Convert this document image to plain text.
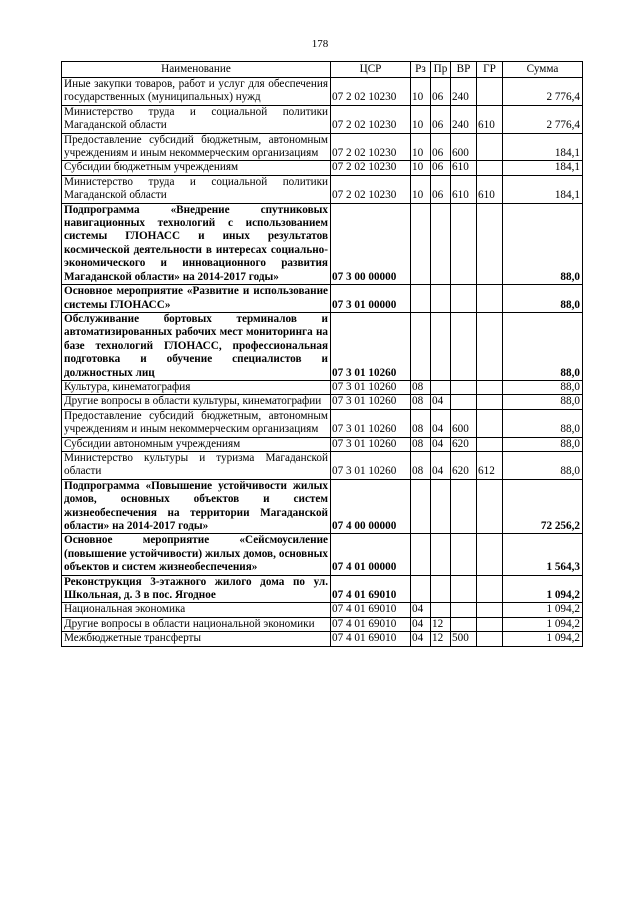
178
Наименование	ЦСР	Рз	Пр	ВР	ГР	Сумма
Иные закупки товаров, работ и услуг для обеспечения государственных (муниципальных) нужд	07 2 02 10230	10	06	240		2 776,4
Министерство труда и социальной политики Магаданской области	07 2 02 10230	10	06	240	610	2 776,4
Предоставление субсидий бюджетным, автономным учреждениям и иным некоммерческим организациям	07 2 02 10230	10	06	600		184,1
Субсидии бюджетным учреждениям	07 2 02 10230	10	06	610		184,1
Министерство труда и социальной политики Магаданской области	07 2 02 10230	10	06	610	610	184,1
Подпрограмма «Внедрение спутниковых навигационных технологий с использованием системы ГЛОНАСС и иных результатов космической деятельности в интересах социально-экономического и инновационного развития Магаданской области» на 2014-2017 годы»	07 3 00 00000					88,0
Основное мероприятие «Развитие и использование системы ГЛОНАСС»	07 3 01 00000					88,0
Обслуживание бортовых терминалов и автоматизированных рабочих мест мониторинга на базе технологий ГЛОНАСС, профессиональная подготовка и обучение специалистов и должностных лиц	07 3 01 10260					88,0
Культура, кинематография	07 3 01 10260	08				88,0
Другие вопросы в области культуры, кинематографии	07 3 01 10260	08	04			88,0
Предоставление субсидий бюджетным, автономным учреждениям и иным некоммерческим организациям	07 3 01 10260	08	04	600		88,0
Субсидии автономным учреждениям	07 3 01 10260	08	04	620		88,0
Министерство культуры и туризма Магаданской области	07 3 01 10260	08	04	620	612	88,0
Подпрограмма «Повышение устойчивости жилых домов, основных объектов и систем жизнеобеспечения на территории Магаданской области» на 2014-2017 годы»	07 4 00 00000					72 256,2
Основное мероприятие «Сейсмоусиление (повышение устойчивости) жилых домов, основных объектов и систем жизнеобеспечения»	07 4 01 00000					1 564,3
Реконструкция 3-этажного жилого дома по ул. Школьная, д. 3 в пос. Ягодное	07 4 01 69010					1 094,2
Национальная экономика	07 4 01 69010	04				1 094,2
Другие вопросы в области национальной экономики	07 4 01 69010	04	12			1 094,2
Межбюджетные трансферты	07 4 01 69010	04	12	500		1 094,2
